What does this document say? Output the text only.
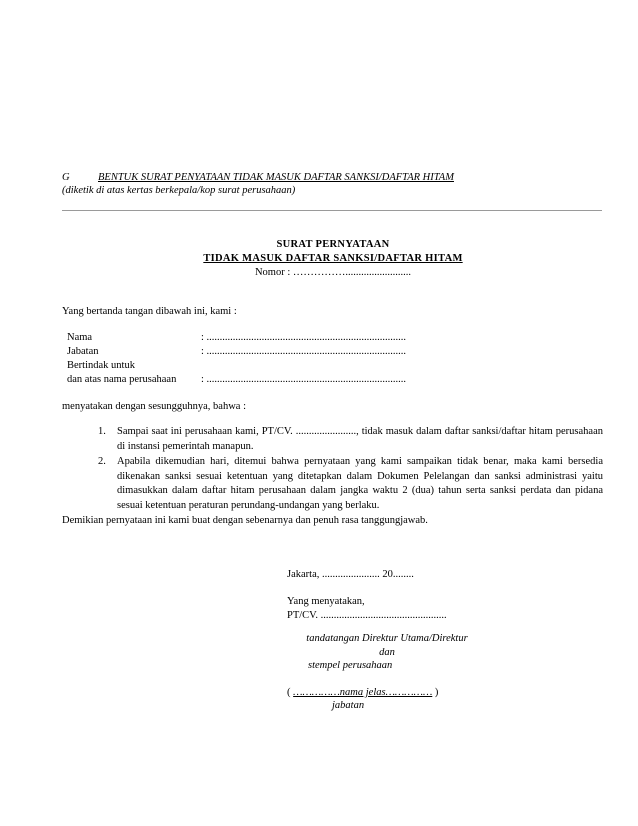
G	BENTUK SURAT PENYATAAN TIDAK MASUK DAFTAR SANKSI/DAFTAR HITAM
(diketik di atas kertas berkepala/kop surat perusahaan)
SURAT PERNYATAAN
TIDAK MASUK DAFTAR SANKSI/DAFTAR HITAM
Nomor : …………….........................
Yang bertanda tangan dibawah ini, kami :
Nama	: ............................................................................
Jabatan	: ............................................................................
Bertindak untuk
dan atas nama perusahaan : ............................................................................
menyatakan dengan sesungguhnya, bahwa :
1. Sampai saat ini perusahaan kami, PT/CV. ......................., tidak masuk dalam daftar sanksi/daftar hitam perusahaan di instansi pemerintah manapun.
2. Apabila dikemudian hari, ditemui bahwa pernyataan yang kami sampaikan tidak benar, maka kami bersedia dikenakan sanksi sesuai ketentuan yang ditetapkan dalam Dokumen Pelelangan dan sanksi administrasi yaitu dimasukkan dalam daftar hitam perusahaan dalam jangka waktu 2 (dua) tahun serta sanksi perdata dan pidana sesuai ketentuan peraturan perundang-undangan yang berlaku.
Demikian pernyataan ini kami buat dengan sebenarnya dan penuh rasa tanggungjawab.
Jakarta, ...................... 20........
Yang menyatakan,
PT/CV. ................................................
tandatangan Direktur Utama/Direktur
dan
stempel perusahaan
( ……………nama jelas…………… )
jabatan
